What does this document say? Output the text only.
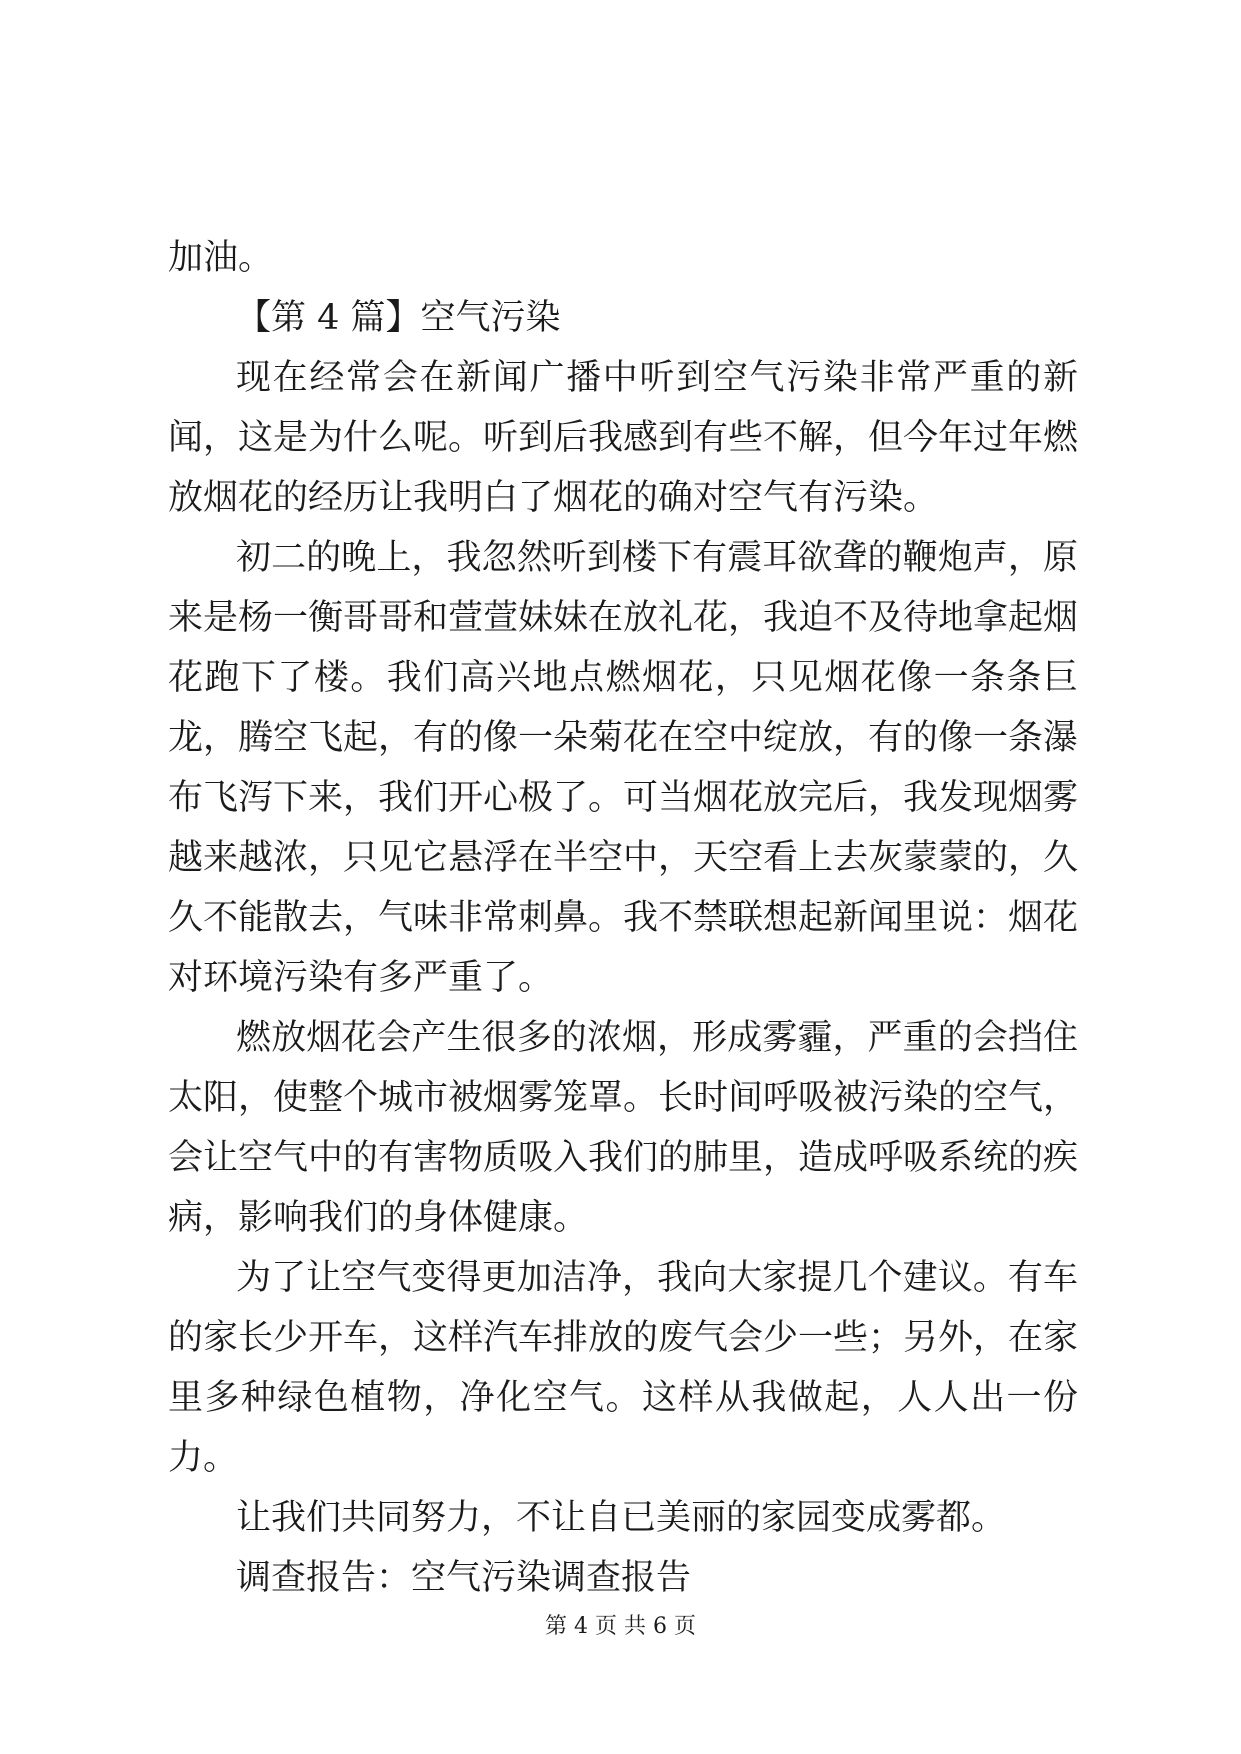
加油。

【第 4 篇】空气污染

现在经常会在新闻广播中听到空气污染非常严重的新闻，这是为什么呢。听到后我感到有些不解，但今年过年燃放烟花的经历让我明白了烟花的确对空气有污染。

初二的晚上，我忽然听到楼下有震耳欲聋的鞭炮声，原来是杨一衡哥哥和萱萱妹妹在放礼花，我迫不及待地拿起烟花跑下了楼。我们高兴地点燃烟花，只见烟花像一条条巨龙，腾空飞起，有的像一朵菊花在空中绽放，有的像一条瀑布飞泻下来，我们开心极了。可当烟花放完后，我发现烟雾越来越浓，只见它悬浮在半空中，天空看上去灰蒙蒙的，久久不能散去，气味非常刺鼻。我不禁联想起新闻里说：烟花对环境污染有多严重了。

燃放烟花会产生很多的浓烟，形成雾霾，严重的会挡住太阳，使整个城市被烟雾笼罩。长时间呼吸被污染的空气，会让空气中的有害物质吸入我们的肺里，造成呼吸系统的疾病，影响我们的身体健康。

为了让空气变得更加洁净，我向大家提几个建议。有车的家长少开车，这样汽车排放的废气会少一些；另外，在家里多种绿色植物，净化空气。这样从我做起，人人出一份力。

让我们共同努力，不让自已美丽的家园变成雾都。

调查报告：空气污染调查报告

第 4 页 共 6 页
